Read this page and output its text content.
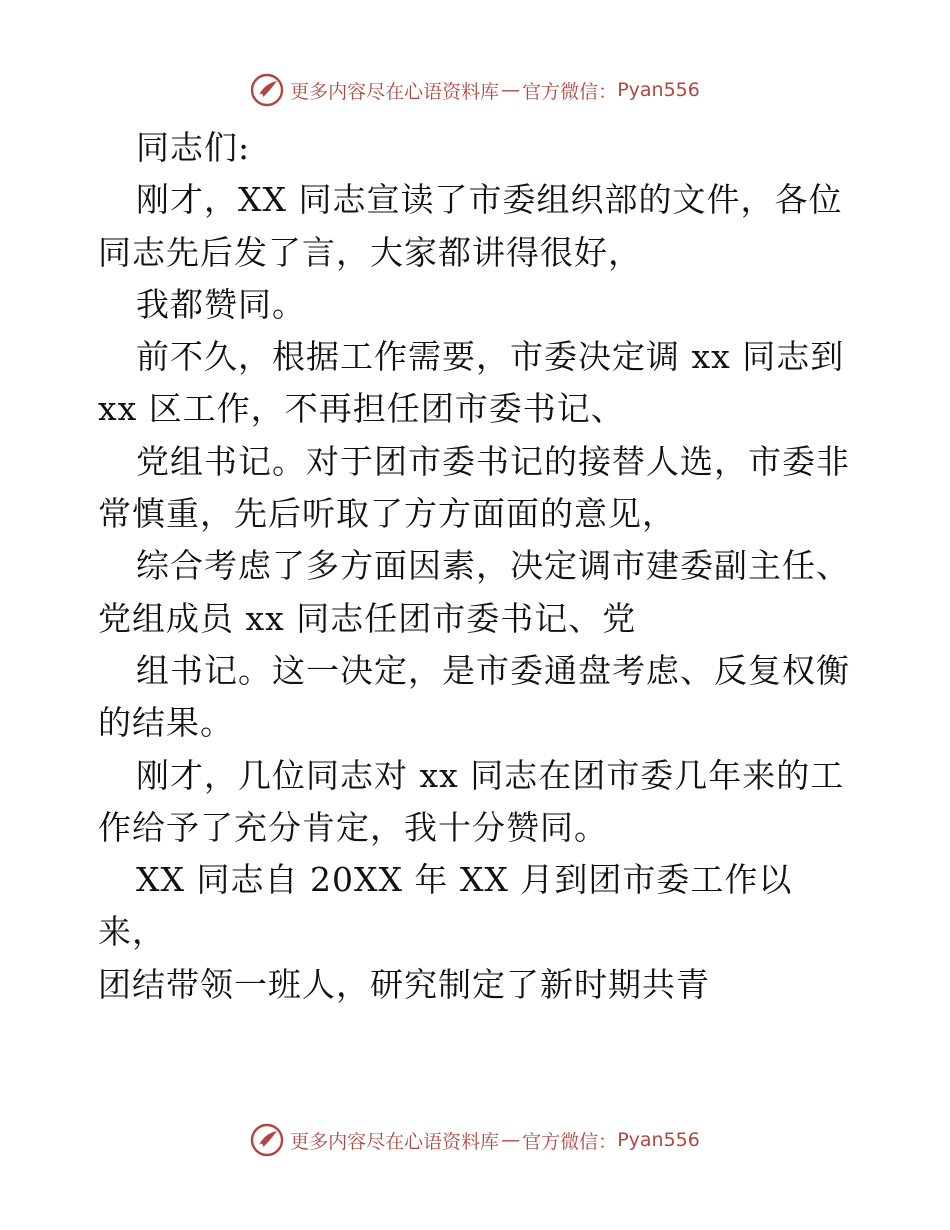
更多内容尽在心语资料库 — 官方微信： Pyan556

同志们:

刚才，XX 同志宣读了市委组织部的文件，各位

同志先后发了言，大家都讲得很好，

我都赞同。

前不久，根据工作需要，市委决定调 xx 同志到

xx 区工作，不再担任团市委书记、

党组书记。对于团市委书记的接替人选，市委非

常慎重，先后听取了方方面面的意见，

综合考虑了多方面因素，决定调市建委副主任、

党组成员 xx 同志任团市委书记、党

组书记。这一决定，是市委通盘考虑、反复权衡

的结果。

刚才，几位同志对 xx 同志在团市委几年来的工

作给予了充分肯定，我十分赞同。

XX 同志自 20XX 年 XX 月到团市委工作以来，

团结带领一班人，研究制定了新时期共青

更多内容尽在心语资料库 — 官方微信： Pyan556
